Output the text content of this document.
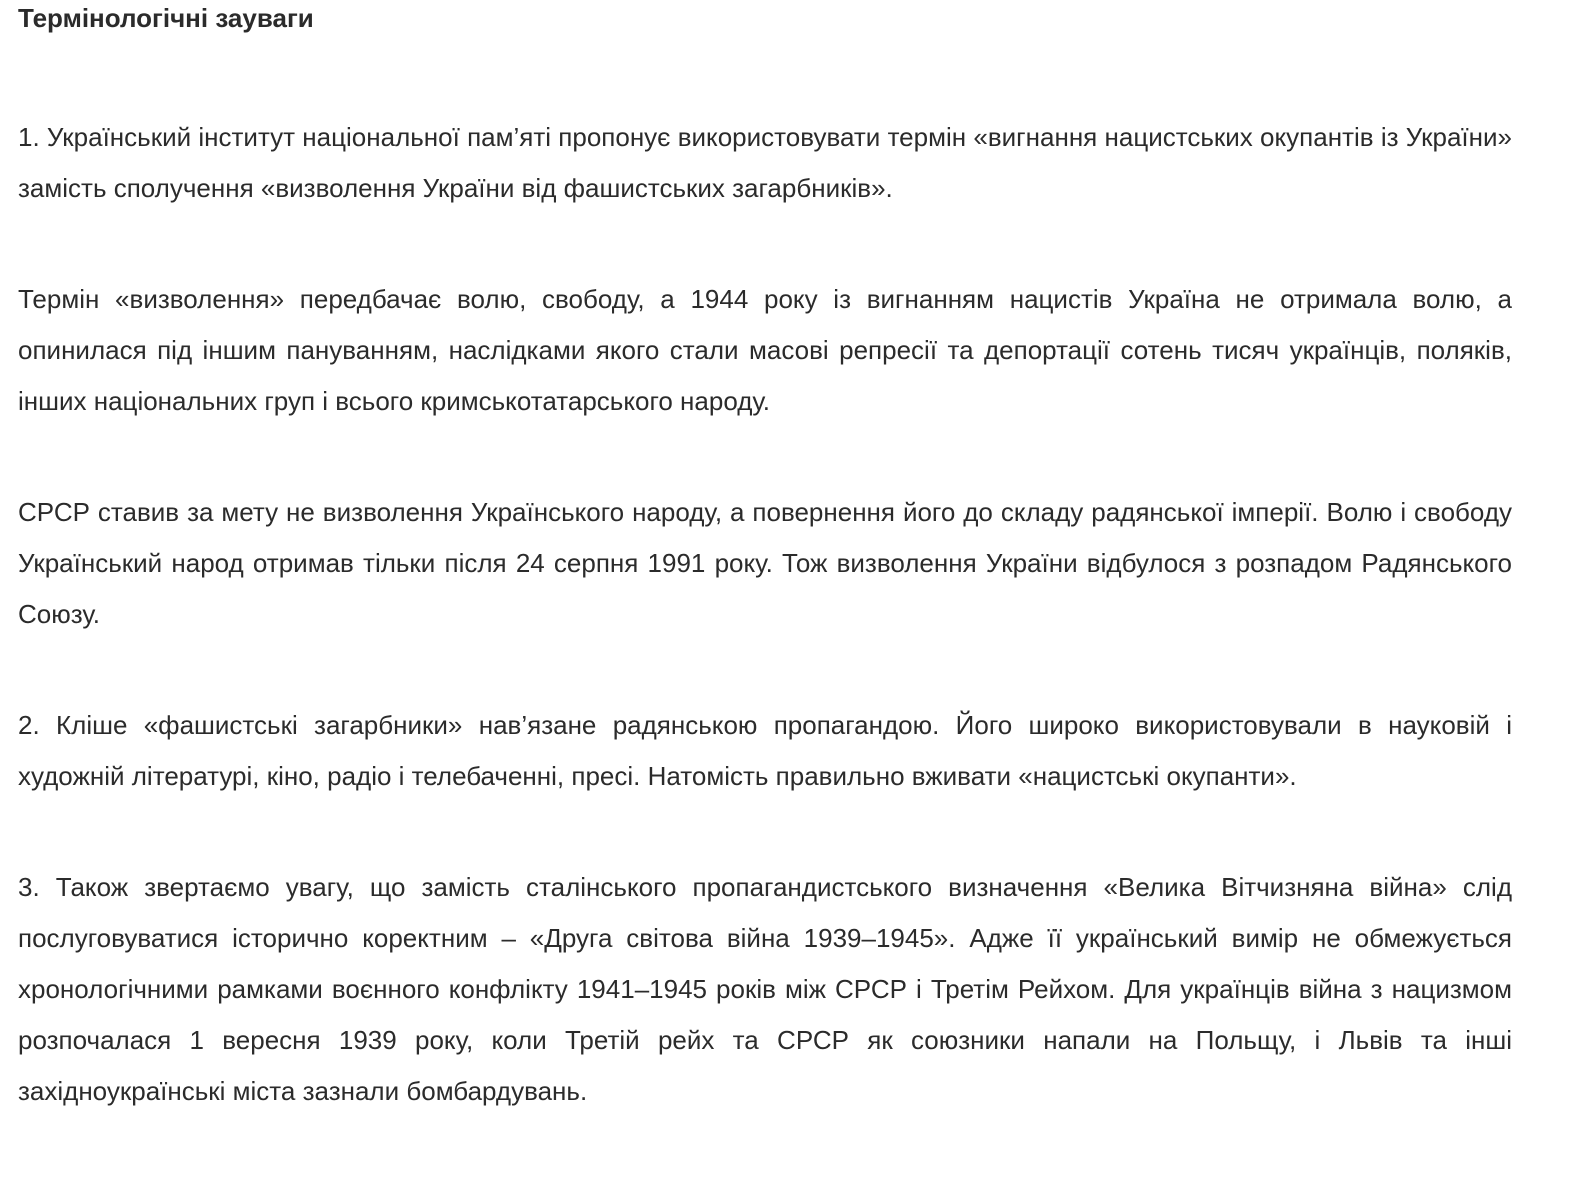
Термінологічні зауваги

1. Український інститут національної пам’яті пропонує використовувати термін «вигнання нацистських окупантів із України» замість сполучення «визволення України від фашистських загарбників».

Термін «визволення» передбачає волю, свободу, а 1944 року із вигнанням нацистів Україна не отримала волю, а опинилася під іншим пануванням, наслідками якого стали масові репресії та депортації сотень тисяч українців, поляків, інших національних груп і всього кримськотатарського народу.

СРСР ставив за мету не визволення Українського народу, а повернення його до складу радянської імперії. Волю і свободу Український народ отримав тільки після 24 серпня 1991 року. Тож визволення України відбулося з розпадом Радянського Союзу.

2. Кліше «фашистські загарбники» нав’язане радянською пропагандою. Його широко використовували в науковій і художній літературі, кіно, радіо і телебаченні, пресі. Натомість правильно вживати «нацистські окупанти».

3. Також звертаємо увагу, що замість сталінського пропагандистського визначення «Велика Вітчизняна війна» слід послуговуватися історично коректним – «Друга світова війна 1939–1945». Адже її український вимір не обмежується хронологічними рамками воєнного конфлікту 1941–1945 років між СРСР і Третім Рейхом. Для українців війна з нацизмом розпочалася 1 вересня 1939 року, коли Третій рейх та СРСР як союзники напали на Польщу, і Львів та інші західноукраїнські міста зазнали бомбардувань.
